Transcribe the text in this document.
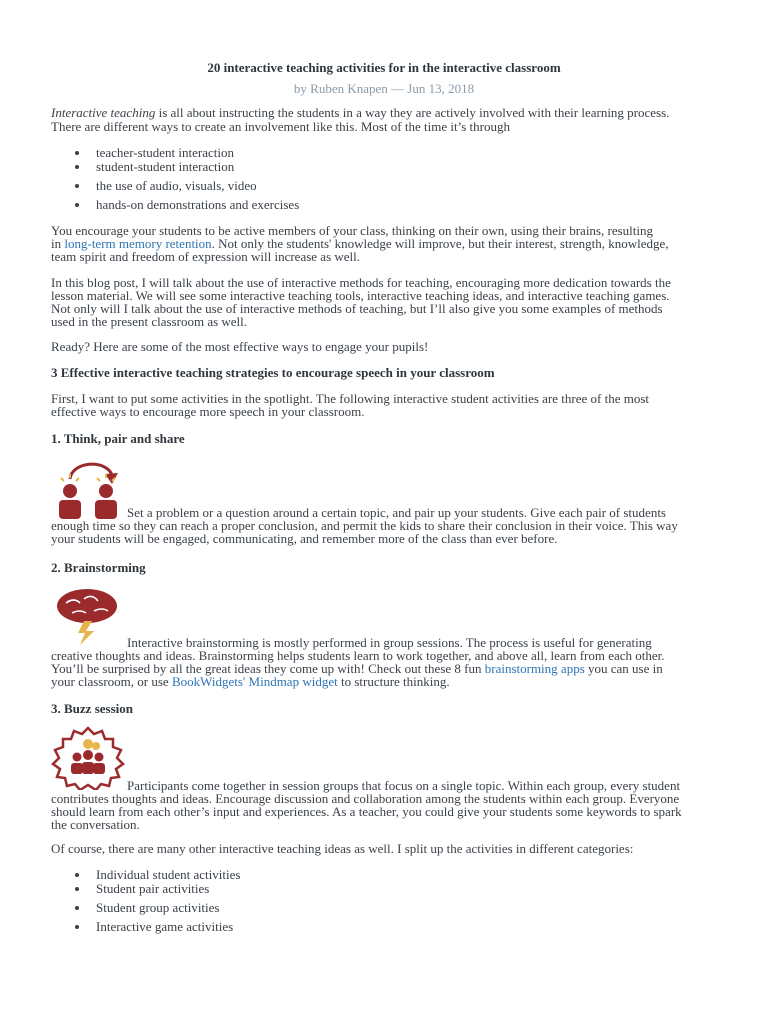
20 interactive teaching activities for in the interactive classroom
by Ruben Knapen — Jun 13, 2018
Interactive teaching is all about instructing the students in a way they are actively involved with their learning process.
There are different ways to create an involvement like this. Most of the time it’s through
teacher-student interaction
student-student interaction
the use of audio, visuals, video
hands-on demonstrations and exercises
You encourage your students to be active members of your class, thinking on their own, using their brains, resulting
in long-term memory retention. Not only the students' knowledge will improve, but their interest, strength, knowledge,
team spirit and freedom of expression will increase as well.
In this blog post, I will talk about the use of interactive methods for teaching, encouraging more dedication towards the
lesson material. We will see some interactive teaching tools, interactive teaching ideas, and interactive teaching games.
Not only will I talk about the use of interactive methods of teaching, but I’ll also give you some examples of methods
used in the present classroom as well.
Ready? Here are some of the most effective ways to engage your pupils!
3 Effective interactive teaching strategies to encourage speech in your classroom
First, I want to put some activities in the spotlight. The following interactive student activities are three of the most
effective ways to encourage more speech in your classroom.
1. Think, pair and share
Set a problem or a question around a certain topic, and pair up your students. Give each pair of students
enough time so they can reach a proper conclusion, and permit the kids to share their conclusion in their voice. This way
your students will be engaged, communicating, and remember more of the class than ever before.
2. Brainstorming
Interactive brainstorming is mostly performed in group sessions. The process is useful for generating
creative thoughts and ideas. Brainstorming helps students learn to work together, and above all, learn from each other.
You’ll be surprised by all the great ideas they come up with! Check out these 8 fun brainstorming apps you can use in
your classroom, or use BookWidgets' Mindmap widget to structure thinking.
3. Buzz session
Participants come together in session groups that focus on a single topic. Within each group, every student
contributes thoughts and ideas. Encourage discussion and collaboration among the students within each group. Everyone
should learn from each other’s input and experiences. As a teacher, you could give your students some keywords to spark
the conversation.
Of course, there are many other interactive teaching ideas as well. I split up the activities in different categories:
Individual student activities
Student pair activities
Student group activities
Interactive game activities
